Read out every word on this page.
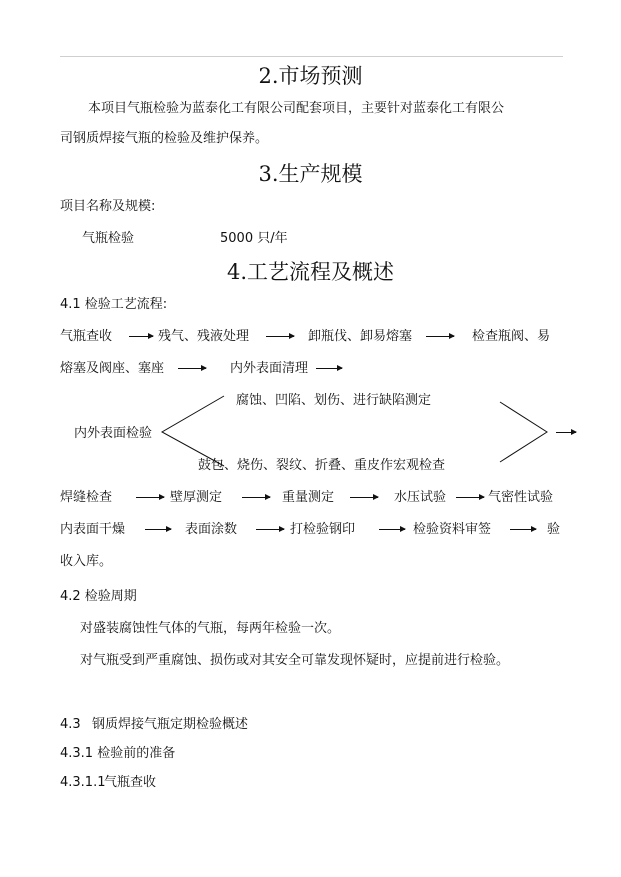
2.市场预测
本项目气瓶检验为蓝泰化工有限公司配套项目，主要针对蓝泰化工有限公
司钢质焊接气瓶的检验及维护保养。
3.生产规模
项目名称及规模:
气瓶检验	5000 只/年
4.工艺流程及概述
4.1 检验工艺流程:
气瓶查收	残气、残液处理	卸瓶伐、卸易熔塞	检查瓶阀、易
熔塞及阀座、塞座	内外表面清理
腐蚀、凹陷、划伤、进行缺陷测定
内外表面检验
鼓包、烧伤、裂纹、折叠、重皮作宏观检查
焊缝检查	壁厚测定	重量测定	水压试验	气密性试验
内表面干燥	表面涂数	打检验钢印	检验资料审签	验
收入库。
4.2 检验周期
对盛装腐蚀性气体的气瓶，每两年检验一次。
对气瓶受到严重腐蚀、损伤或对其安全可靠发现怀疑时，应提前进行检验。
4.3 钢质焊接气瓶定期检验概述
4.3.1 检验前的准备
4.3.1.1
气瓶查收
